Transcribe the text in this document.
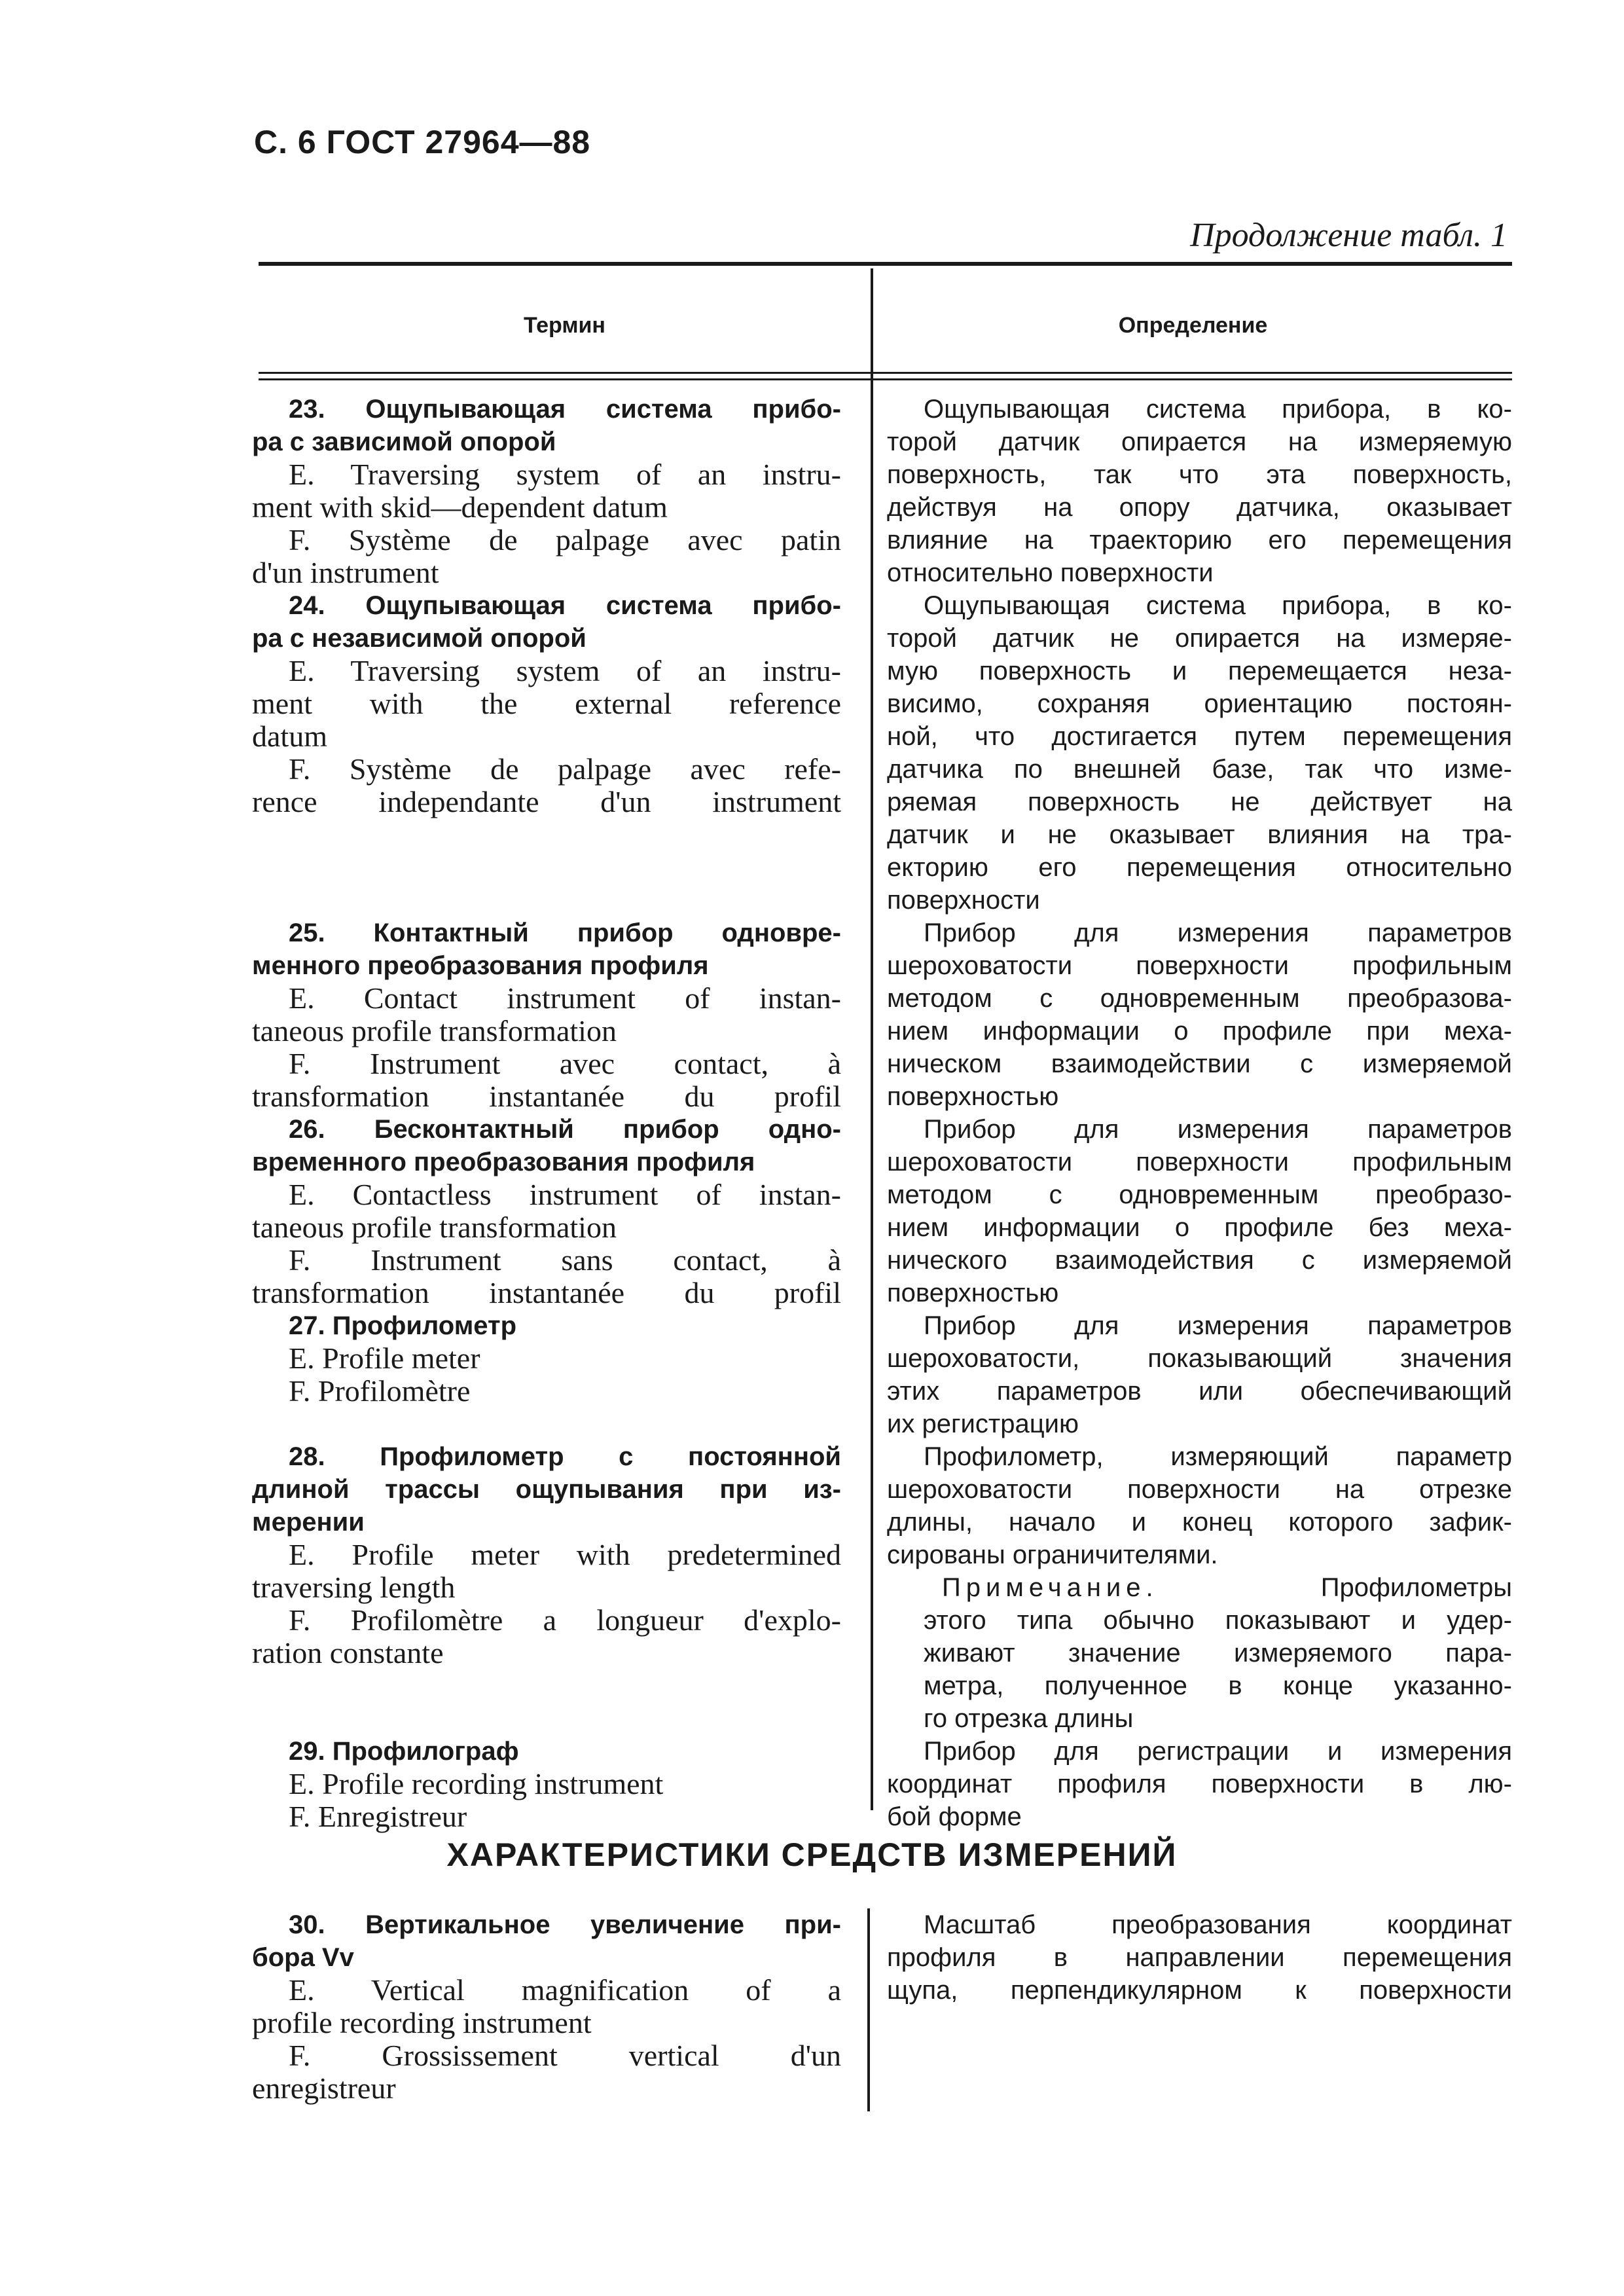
С. 6 ГОСТ 27964—88
Продолжение табл. 1
Термин	Определение
23. Ощупывающая система прибо-
ра с зависимой опорой
E. Traversing system of an instru-
ment with skid—dependent datum
F. Système de palpage avec patin
d'un instrument
24. Ощупывающая система прибо-
ра с независимой опорой
E. Traversing system of an instru-
ment with the external reference
datum
F. Système de palpage avec refe-
rence independante d'un instrument
25. Контактный прибор одновре-
менного преобразования профиля
E. Contact instrument of instan-
taneous profile transformation
F. Instrument avec contact, à
transformation instantanée du profil
26. Бесконтактный прибор одно-
временного преобразования профиля
E. Contactless instrument of instan-
taneous profile transformation
F. Instrument sans contact, à
transformation instantanée du profil
27. Профилометр
E. Profile meter
F. Profilomètre
28. Профилометр с постоянной
длиной трассы ощупывания при из-
мерении
E. Profile meter with predetermined
traversing length
F. Profilomètre a longueur d'explo-
ration constante
29. Профилограф
E. Profile recording instrument
F. Enregistreur
Ощупывающая система прибора, в ко-
торой датчик опирается на измеряемую
поверхность, так что эта поверхность,
действуя на опору датчика, оказывает
влияние на траекторию его перемещения
относительно поверхности
Ощупывающая система прибора, в ко-
торой датчик не опирается на измеряе-
мую поверхность и перемещается неза-
висимо, сохраняя ориентацию постоян-
ной, что достигается путем перемещения
датчика по внешней базе, так что изме-
ряемая поверхность не действует на
датчик и не оказывает влияния на тра-
екторию его перемещения относительно
поверхности
Прибор для измерения параметров
шероховатости поверхности профильным
методом с одновременным преобразова-
нием информации о профиле при меха-
ническом взаимодействии с измеряемой
поверхностью
Прибор для измерения параметров
шероховатости поверхности профильным
методом с одновременным преобразо-
нием информации о профиле без меха-
нического взаимодействия с измеряемой
поверхностью
Прибор для измерения параметров
шероховатости, показывающий значения
этих параметров или обеспечивающий
их регистрацию
Профилометр, измеряющий параметр
шероховатости поверхности на отрезке
длины, начало и конец которого зафик-
сированы ограничителями.
Примечание.	Профилометры
этого типа обычно показывают и удер-
живают значение измеряемого пара-
метра, полученное в конце указанно-
го отрезка длины
Прибор для регистрации и измерения
координат профиля поверхности в лю-
бой форме
ХАРАКТЕРИСТИКИ СРЕДСТВ ИЗМЕРЕНИЙ
30. Вертикальное увеличение при-
бора Vv
E. Vertical magnification of a
profile recording instrument
F. Grossissement vertical d'un
enregistreur
Масштаб преобразования координат
профиля в направлении перемещения
щупа, перпендикулярном к поверхности
